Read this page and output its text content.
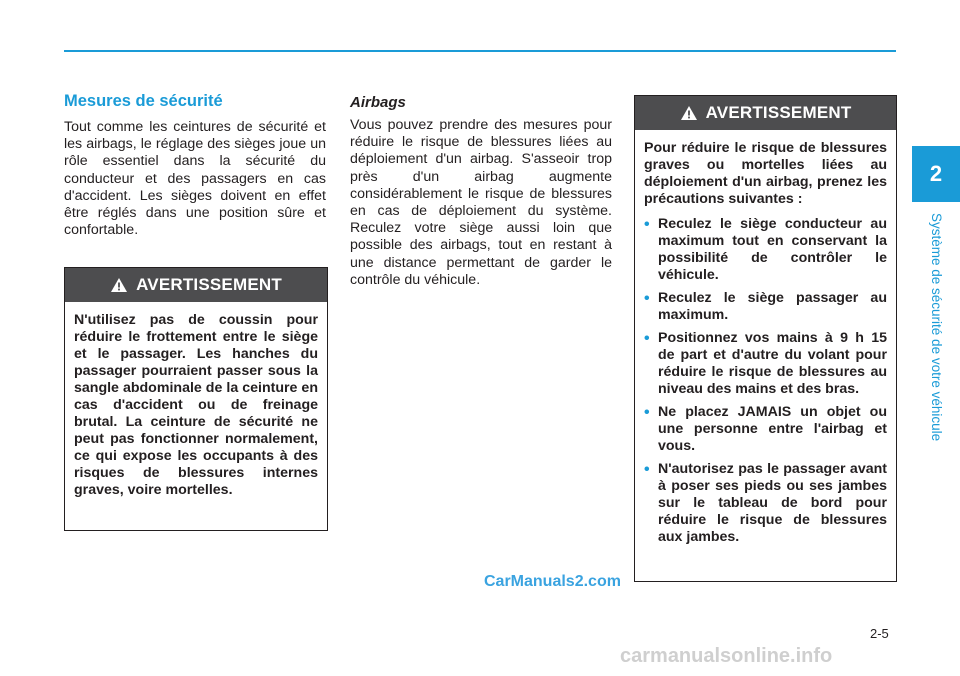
2
Système de sécurité de votre véhicule
Mesures de sécurité

Tout comme les ceintures de sécurité et les airbags, le réglage des sièges joue un rôle essentiel dans la sécurité du conducteur et des passagers en cas d'accident. Les sièges doivent en effet être réglés dans une position sûre et confortable.

Airbags

Vous pouvez prendre des mesures pour réduire le risque de blessures liées au déploiement d'un airbag. S'asseoir trop près d'un airbag augmente considérablement le risque de blessures en cas de déploiement du système. Reculez votre siège aussi loin que possible des airbags, tout en restant à une distance permettant de garder le contrôle du véhicule.

AVERTISSEMENT

N'utilisez pas de coussin pour réduire le frottement entre le siège et le passager. Les hanches du passager pourraient passer sous la sangle abdominale de la ceinture en cas d'accident ou de freinage brutal. La ceinture de sécurité ne peut pas fonctionner normalement, ce qui expose les occupants à des risques de blessures internes graves, voire mortelles.

AVERTISSEMENT

Pour réduire le risque de blessures graves ou mortelles liées au déploiement d'un airbag, prenez les précautions suivantes :

• Reculez le siège conducteur au maximum tout en conservant la possibilité de contrôler le véhicule.
• Reculez le siège passager au maximum.
• Positionnez vos mains à 9 h 15 de part et d'autre du volant pour réduire le risque de blessures au niveau des mains et des bras.
• Ne placez JAMAIS un objet ou une personne entre l'airbag et vous.
• N'autorisez pas le passager avant à poser ses pieds ou ses jambes sur le tableau de bord pour réduire le risque de blessures aux jambes.
CarManuals2.com
2-5
carmanualsonline.info
